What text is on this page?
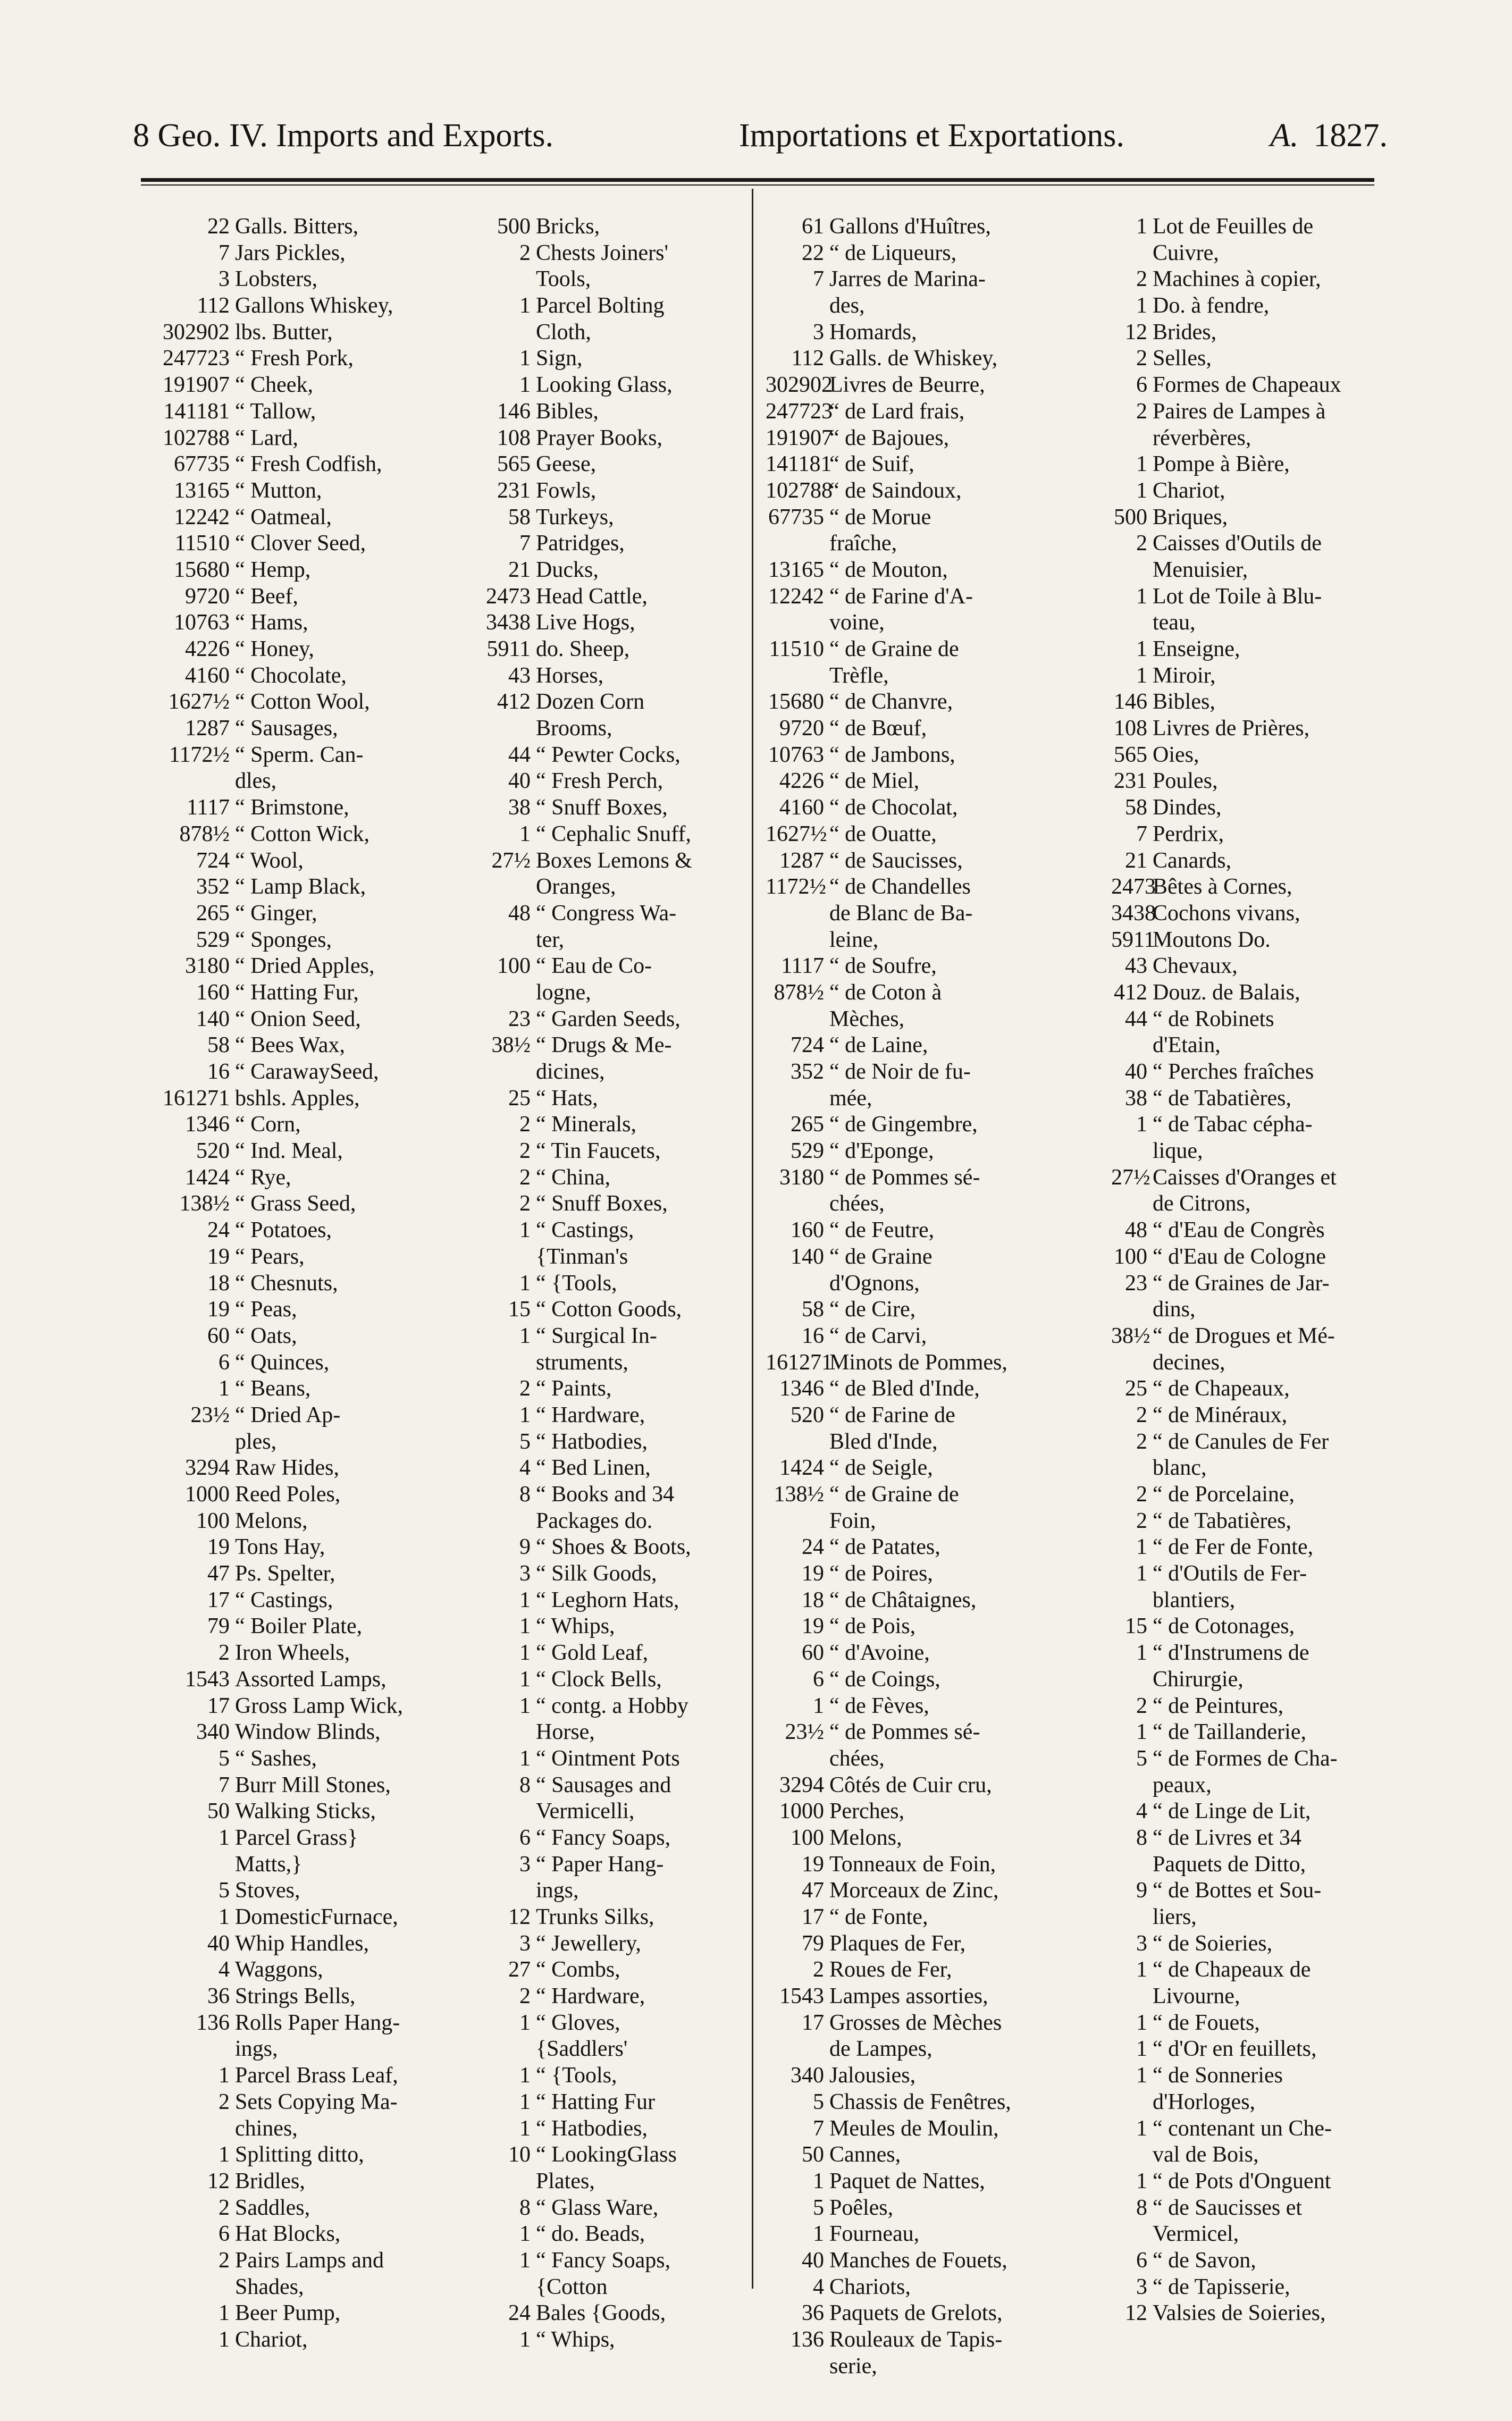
8 Geo. IV. Imports and Exports.	Importations et Exportations.	A. 1827.
22 Galls. Bitters,
7 Jars Pickles,
3 Lobsters,
112 Gallons Whiskey,
302902 lbs. Butter,
247723 “ Fresh Pork,
191907 “ Cheek,
141181 “ Tallow,
102788 “ Lard,
67735 “ Fresh Codfish,
13165 “ Mutton,
12242 “ Oatmeal,
11510 “ Clover Seed,
15680 “ Hemp,
9720 “ Beef,
10763 “ Hams,
4226 “ Honey,
4160 “ Chocolate,
1627½ “ Cotton Wool,
1287 “ Sausages,
1172½ “ Sperm. Can-
dles,
1117 “ Brimstone,
878½ “ Cotton Wick,
724 “ Wool,
352 “ Lamp Black,
265 “ Ginger,
529 “ Sponges,
3180 “ Dried Apples,
160 “ Hatting Fur,
140 “ Onion Seed,
58 “ Bees Wax,
16 “ CarawaySeed,
161271 bshls. Apples,
1346 “ Corn,
520 “ Ind. Meal,
1424 “ Rye,
138½ “ Grass Seed,
24 “ Potatoes,
19 “ Pears,
18 “ Chesnuts,
19 “ Peas,
60 “ Oats,
6 “ Quinces,
1 “ Beans,
23½ “ Dried Ap-
ples,
3294 Raw Hides,
1000 Reed Poles,
100 Melons,
19 Tons Hay,
47 Ps. Spelter,
17 “ Castings,
79 “ Boiler Plate,
2 Iron Wheels,
1543 Assorted Lamps,
17 Gross Lamp Wick,
340 Window Blinds,
5 “ Sashes,
7 Burr Mill Stones,
50 Walking Sticks,
1 Parcel Grass}
Matts,}
5 Stoves,
1 DomesticFurnace,
40 Whip Handles,
4 Waggons,
36 Strings Bells,
136 Rolls Paper Hang-
ings,
1 Parcel Brass Leaf,
2 Sets Copying Ma-
chines,
1 Splitting ditto,
12 Bridles,
2 Saddles,
6 Hat Blocks,
2 Pairs Lamps and
Shades,
1 Beer Pump,
1 Chariot,
500 Bricks,
2 Chests Joiners'
Tools,
1 Parcel Bolting
Cloth,
1 Sign,
1 Looking Glass,
146 Bibles,
108 Prayer Books,
565 Geese,
231 Fowls,
58 Turkeys,
7 Patridges,
21 Ducks,
2473 Head Cattle,
3438 Live Hogs,
5911 do. Sheep,
43 Horses,
412 Dozen Corn
Brooms,
44 “ Pewter Cocks,
40 “ Fresh Perch,
38 “ Snuff Boxes,
1 “ Cephalic Snuff,
27½ Boxes Lemons &
Oranges,
48 “ Congress Wa-
ter,
100 “ Eau de Co-
logne,
23 “ Garden Seeds,
38½ “ Drugs & Me-
dicines,
25 “ Hats,
2 “ Minerals,
2 “ Tin Faucets,
2 “ China,
2 “ Snuff Boxes,
1 “ Castings,
{Tinman's
1 “ {Tools,
15 “ Cotton Goods,
1 “ Surgical In-
struments,
2 “ Paints,
1 “ Hardware,
5 “ Hatbodies,
4 “ Bed Linen,
8 “ Books and 34
Packages do.
9 “ Shoes & Boots,
3 “ Silk Goods,
1 “ Leghorn Hats,
1 “ Whips,
1 “ Gold Leaf,
1 “ Clock Bells,
1 “ contg. a Hobby
Horse,
1 “ Ointment Pots
8 “ Sausages and
Vermicelli,
6 “ Fancy Soaps,
3 “ Paper Hang-
ings,
12 Trunks Silks,
3 “ Jewellery,
27 “ Combs,
2 “ Hardware,
1 “ Gloves,
{Saddlers'
1 “ {Tools,
1 “ Hatting Fur
1 “ Hatbodies,
10 “ LookingGlass
Plates,
8 “ Glass Ware,
1 “ do. Beads,
1 “ Fancy Soaps,
{Cotton
24 Bales {Goods,
1 “ Whips,
61 Gallons d'Huîtres,
22 “ de Liqueurs,
7 Jarres de Marina-
des,
3 Homards,
112 Galls. de Whiskey,
302902
Livres de Beurre,
247723
“ de Lard frais,
191907
“ de Bajoues,
141181
“ de Suif,
102788
“ de Saindoux,
67735 “ de Morue
fraîche,
13165 “ de Mouton,
12242 “ de Farine d'A-
voine,
11510 “ de Graine de
Trèfle,
15680 “ de Chanvre,
9720 “ de Bœuf,
10763 “ de Jambons,
4226 “ de Miel,
4160 “ de Chocolat,
1627½ “ de Ouatte,
1287 “ de Saucisses,
1172½ “ de Chandelles
de Blanc de Ba-
leine,
1117 “ de Soufre,
878½ “ de Coton à
Mèches,
724 “ de Laine,
352 “ de Noir de fu-
mée,
265 “ de Gingembre,
529 “ d'Eponge,
3180 “ de Pommes sé-
chées,
160 “ de Feutre,
140 “ de Graine
d'Ognons,
58 “ de Cire,
16 “ de Carvi,
161271
Minots de Pommes,
1346 “ de Bled d'Inde,
520 “ de Farine de
Bled d'Inde,
1424 “ de Seigle,
138½ “ de Graine de
Foin,
24 “ de Patates,
19 “ de Poires,
18 “ de Châtaignes,
19 “ de Pois,
60 “ d'Avoine,
6 “ de Coings,
1 “ de Fèves,
23½ “ de Pommes sé-
chées,
3294 Côtés de Cuir cru,
1000 Perches,
100 Melons,
19 Tonneaux de Foin,
47 Morceaux de Zinc,
17 “ de Fonte,
79 Plaques de Fer,
2 Roues de Fer,
1543 Lampes assorties,
17 Grosses de Mèches
de Lampes,
340 Jalousies,
5 Chassis de Fenêtres,
7 Meules de Moulin,
50 Cannes,
1 Paquet de Nattes,
5 Poêles,
1 Fourneau,
40 Manches de Fouets,
4 Chariots,
36 Paquets de Grelots,
136 Rouleaux de Tapis-
serie,
1 Lot de Feuilles de
Cuivre,
2 Machines à copier,
1 Do. à fendre,
12 Brides,
2 Selles,
6 Formes de Chapeaux
2 Paires de Lampes à
réverbères,
1 Pompe à Bière,
1 Chariot,
500 Briques,
2 Caisses d'Outils de
Menuisier,
1 Lot de Toile à Blu-
teau,
1 Enseigne,
1 Miroir,
146 Bibles,
108 Livres de Prières,
565 Oies,
231 Poules,
58 Dindes,
7 Perdrix,
21 Canards,
2473
Bêtes à Cornes,
3438
Cochons vivans,
5911
Moutons Do.
43 Chevaux,
412 Douz. de Balais,
44 “ de Robinets
d'Etain,
40 “ Perches fraîches
38 “ de Tabatières,
1 “ de Tabac cépha-
lique,
27½ Caisses d'Oranges et
de Citrons,
48 “ d'Eau de Congrès
100 “ d'Eau de Cologne
23 “ de Graines de Jar-
dins,
38½ “ de Drogues et Mé-
decines,
25 “ de Chapeaux,
2 “ de Minéraux,
2 “ de Canules de Fer
blanc,
2 “ de Porcelaine,
2 “ de Tabatières,
1 “ de Fer de Fonte,
1 “ d'Outils de Fer-
blantiers,
15 “ de Cotonages,
1 “ d'Instrumens de
Chirurgie,
2 “ de Peintures,
1 “ de Taillanderie,
5 “ de Formes de Cha-
peaux,
4 “ de Linge de Lit,
8 “ de Livres et 34
Paquets de Ditto,
9 “ de Bottes et Sou-
liers,
3 “ de Soieries,
1 “ de Chapeaux de
Livourne,
1 “ de Fouets,
1 “ d'Or en feuillets,
1 “ de Sonneries
d'Horloges,
1 “ contenant un Che-
val de Bois,
1 “ de Pots d'Onguent
8 “ de Saucisses et
Vermicel,
6 “ de Savon,
3 “ de Tapisserie,
12 Valsies de Soieries,
